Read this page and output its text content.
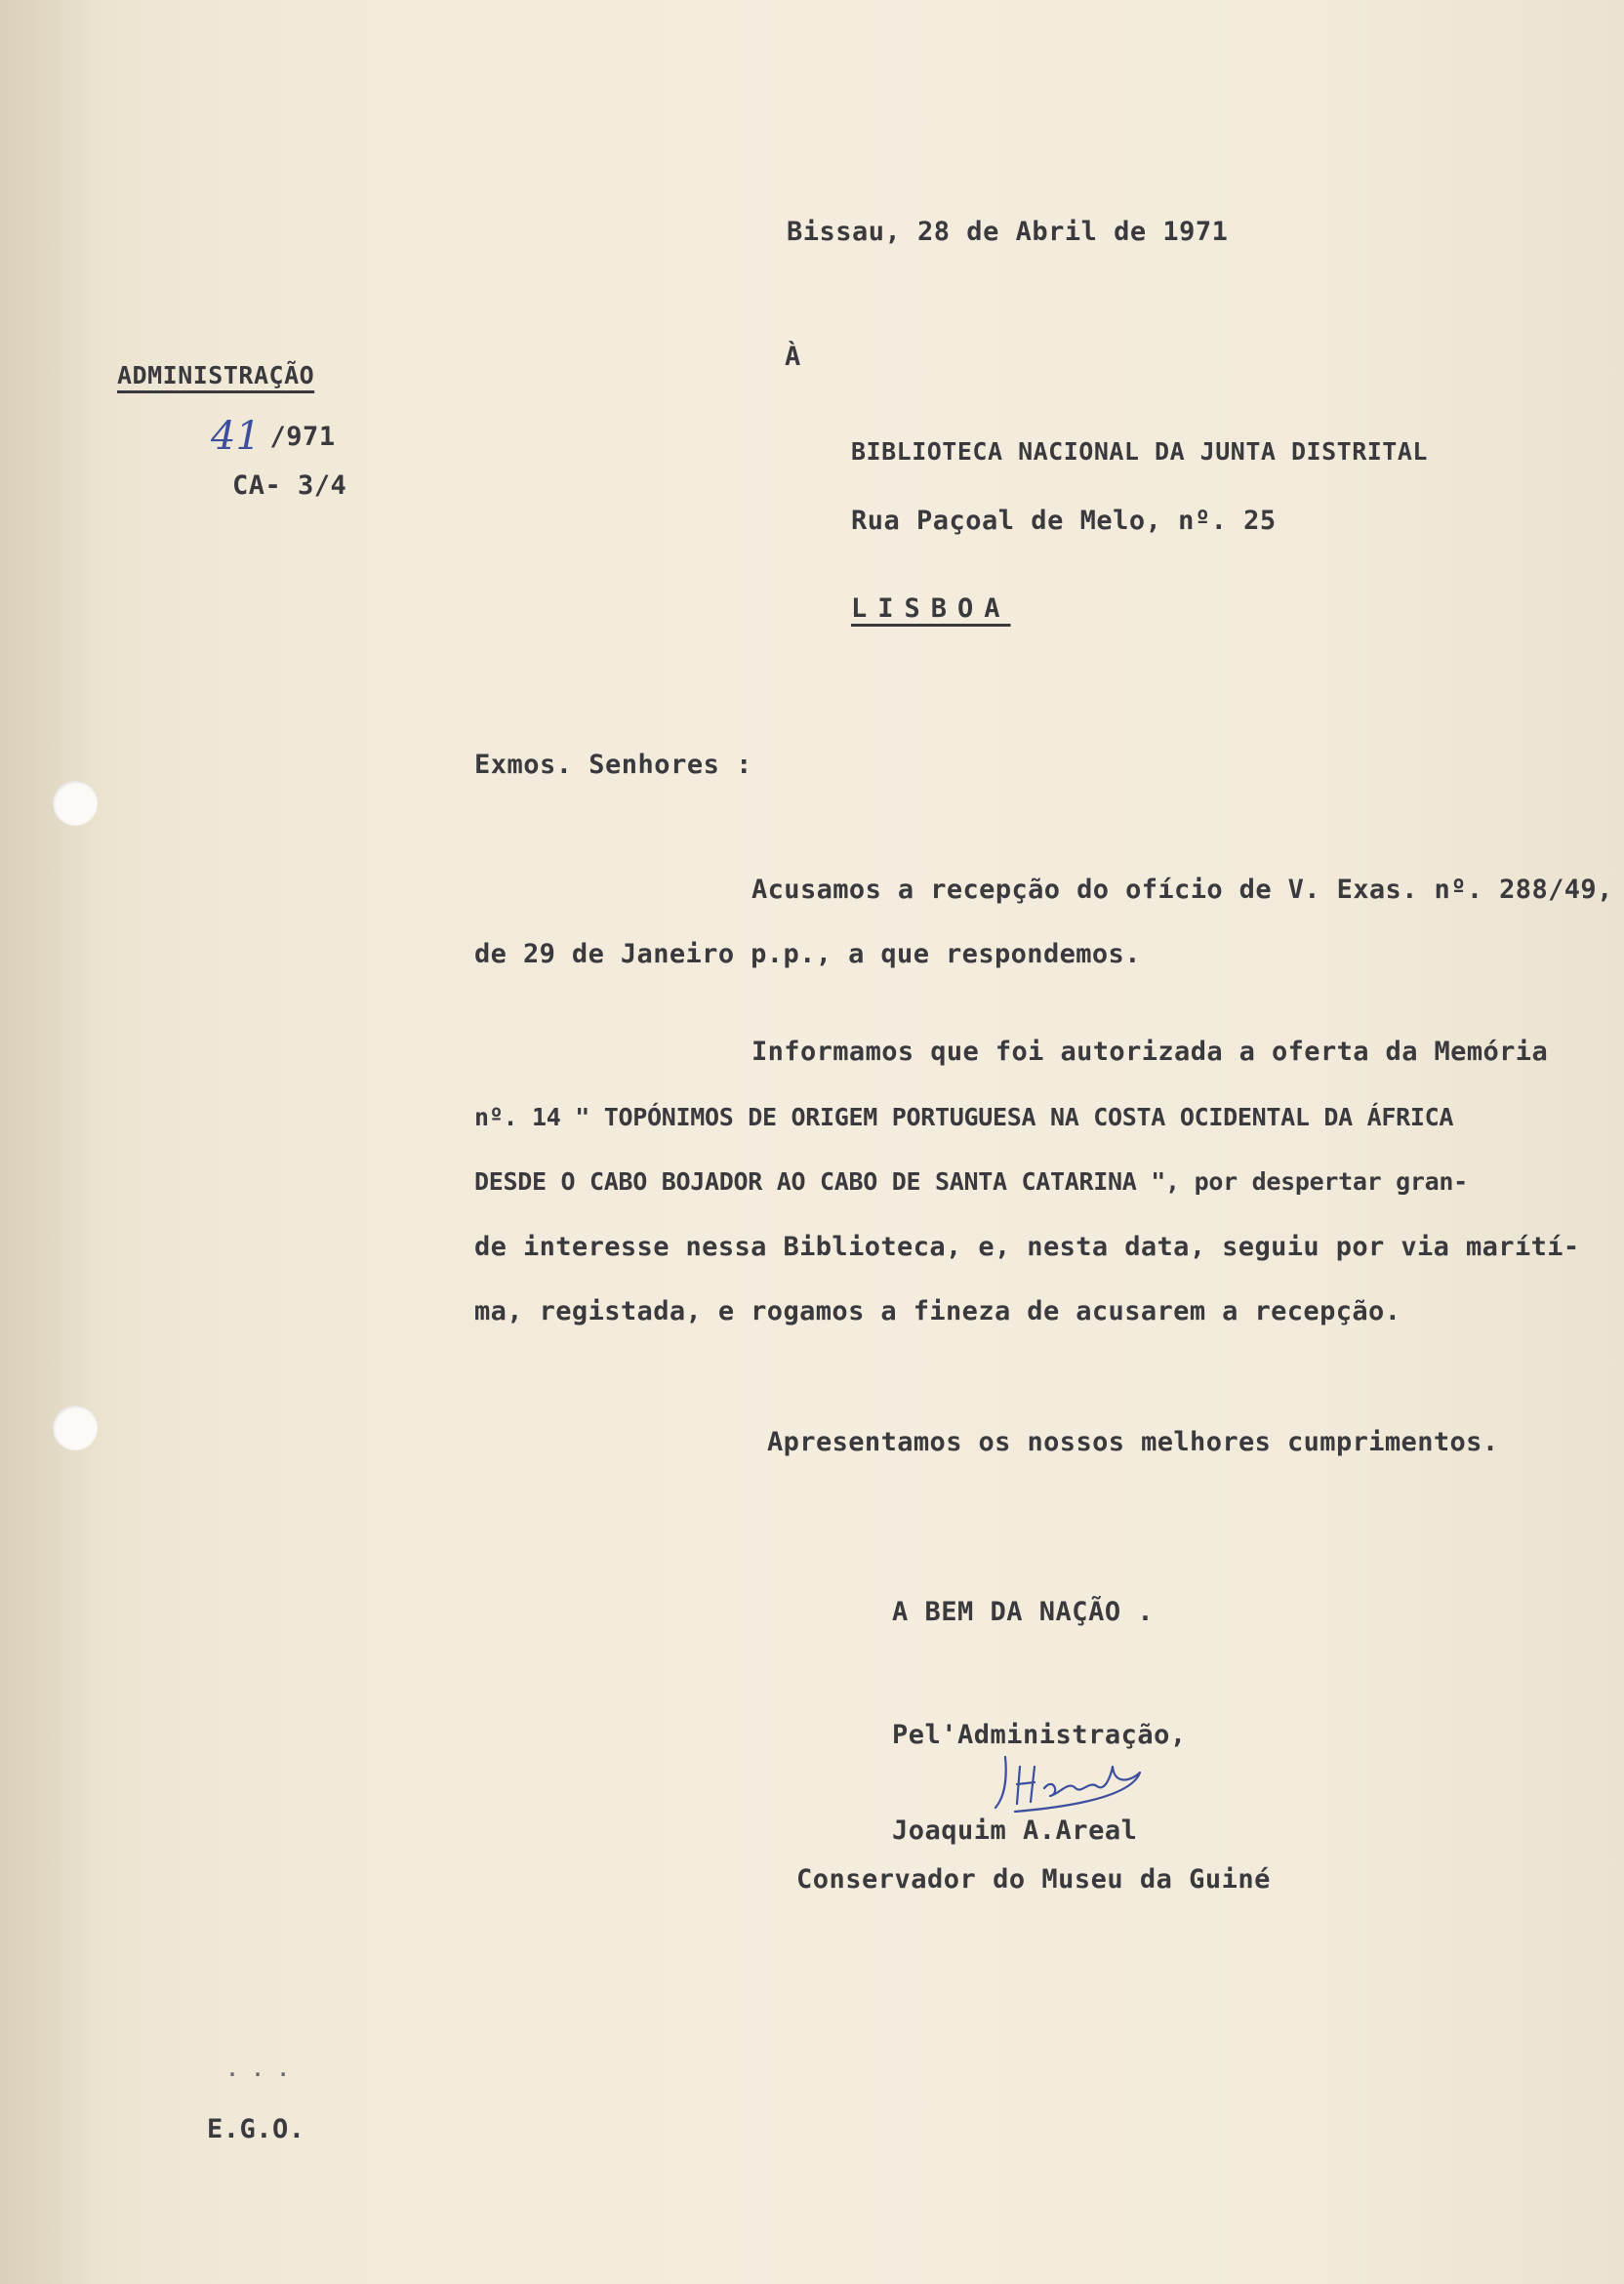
Bissau, 28 de Abril de 1971
ADMINISTRAÇÃO
41 /971
CA- 3/4
À
BIBLIOTECA NACIONAL DA JUNTA DISTRITAL
Rua Paçoal de Melo, nº. 25
LISBOA
Exmos. Senhores :
Acusamos a recepção do ofício de V. Exas. nº. 288/49,
de 29 de Janeiro p.p., a que respondemos.
Informamos que foi autorizada a oferta da Memória
nº. 14 " TOPÓNIMOS DE ORIGEM PORTUGUESA NA COSTA OCIDENTAL DA ÁFRICA
DESDE O CABO BOJADOR AO CABO DE SANTA CATARINA ", por despertar gran-
de interesse nessa Biblioteca, e, nesta data, seguiu por via marítí-
ma, registada, e rogamos a fineza de acusarem a recepção.
Apresentamos os nossos melhores cumprimentos.
A BEM DA NAÇÃO .
Pel'Administração,
Joaquim A.Areal
Conservador do Museu da Guiné
...
E.G.O.
